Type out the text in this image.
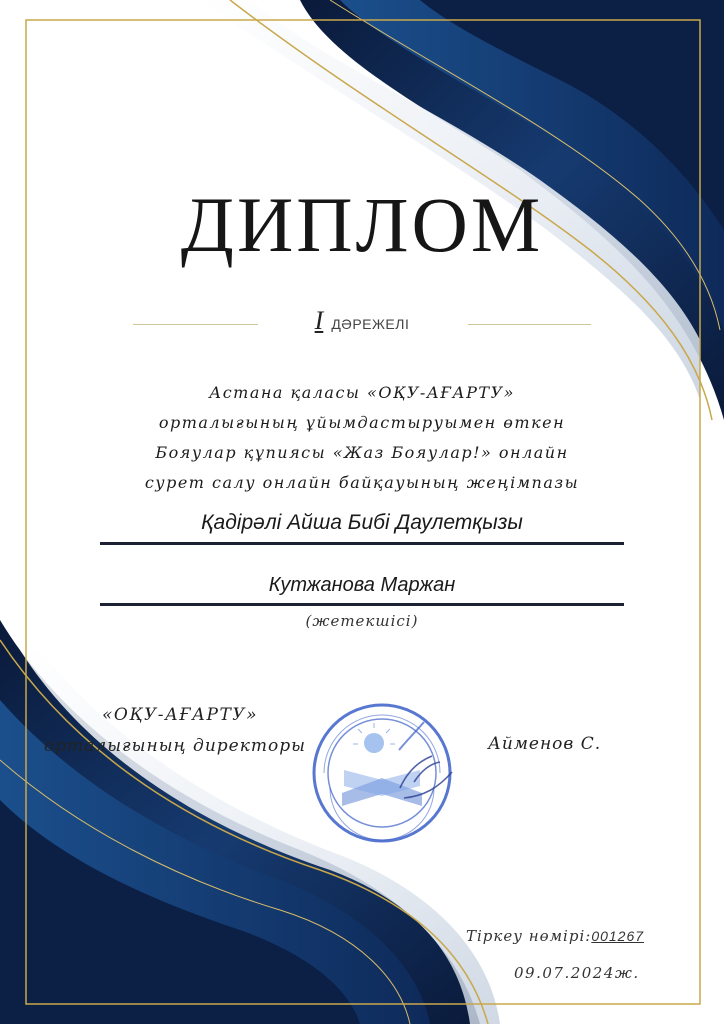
ДИПЛОМ
I ДӘРЕЖЕЛІ
Астана қаласы «ОҚУ-АҒАРТУ»
орталығының ұйымдастыруымен өткен
Бояулар құпиясы «Жаз Бояулар!» онлайн
сурет салу онлайн байқауының жеңімпазы
Қадірәлі Айша Бибі Даулетқызы
Кутжанова Маржан
(жетекшісі)
«ОҚУ-АҒАРТУ»
орталығының директоры	Айменов С.
Тіркеу нөмірі:001267
09.07.2024ж.
